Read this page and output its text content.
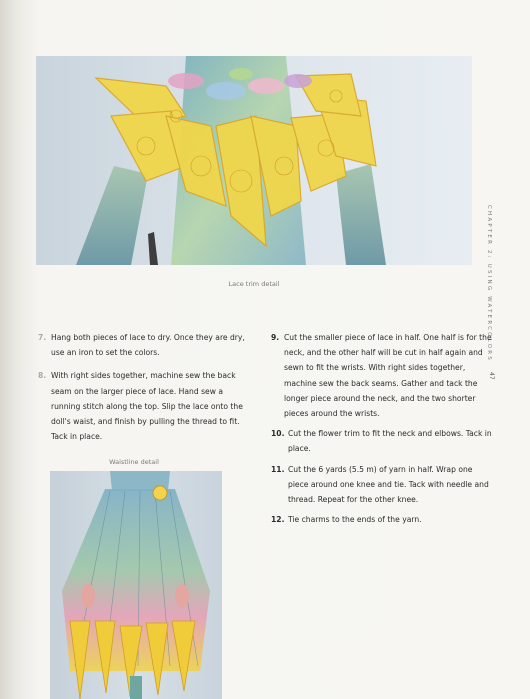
Lace trim detail	CHAPTER 2: USING WATERCOLORS
47
7. Hang both pieces of lace to dry. Once they are dry, use an iron to set the colors.
8. With right sides together, machine sew the back seam on the larger piece of lace. Hand sew a running stitch along the top. Slip the lace onto the doll's waist, and finish by pulling the thread to fit. Tack in place.
9. Cut the smaller piece of lace in half. One half is for the neck, and the other half will be cut in half again and sewn to fit the wrists. With right sides together, machine sew the back seams. Gather and tack the longer piece around the neck, and the two shorter pieces around the wrists.
10. Cut the flower trim to fit the neck and elbows. Tack in place.
11. Cut the 6 yards (5.5 m) of yarn in half. Wrap one piece around one knee and tie. Tack with needle and thread. Repeat for the other knee.
12. Tie charms to the ends of the yarn.
Waistline detail
